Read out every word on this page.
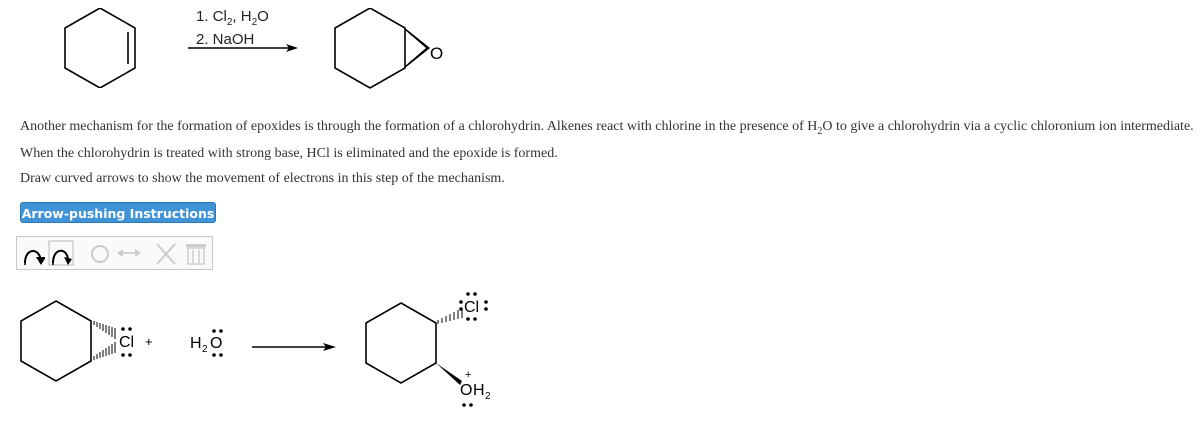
1. $Cl_2$, $H_2O$
2. NaOH
O
Another mechanism for the formation of epoxides is through the formation of a chlorohydrin. Alkenes react with chlorine in the presence of $H_2O$ to give a chlorohydrin via a cyclic chloronium ion intermediate. When the chlorohydrin is treated with strong base, HCl is eliminated and the epoxide is formed.
Draw curved arrows to show the movement of electrons in this step of the mechanism.
Arrow-pushing Instructions
Cl + H 2 O
Cl
O
+
H 2
